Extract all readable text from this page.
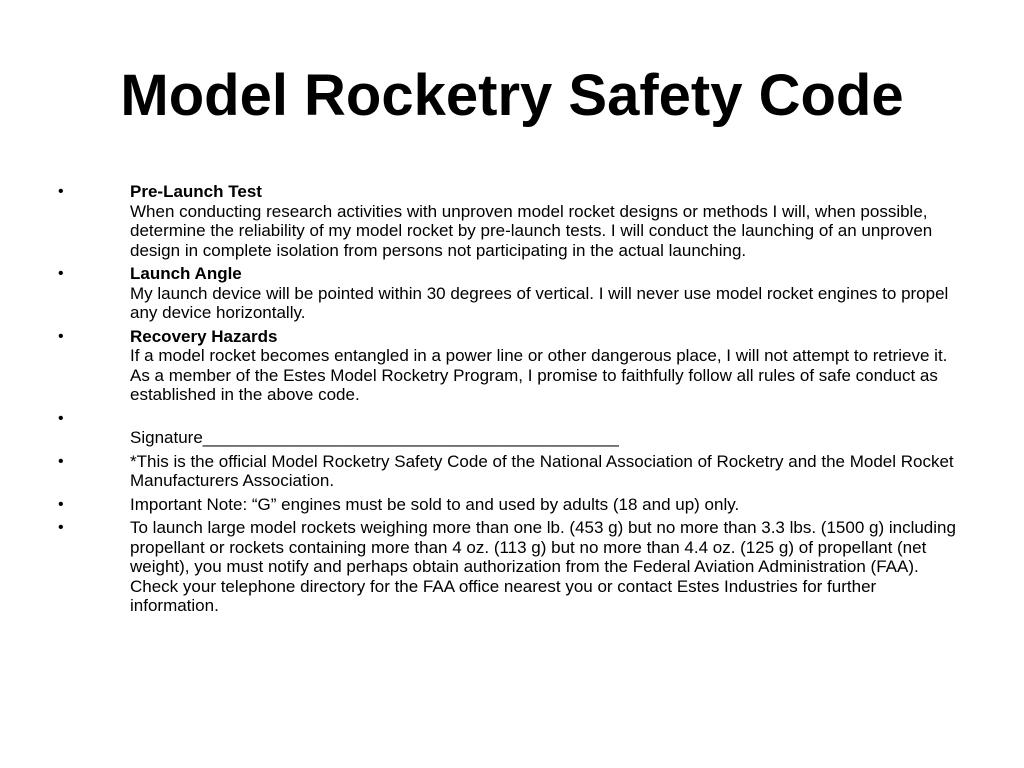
Model Rocketry Safety Code
•	Pre-Launch Test
When conducting research activities with unproven model rocket designs or methods I will, when possible, determine the reliability of my model rocket by pre-launch tests. I will conduct the launching of an unproven design in complete isolation from persons not participating in the actual launching.
•	Launch Angle
My launch device will be pointed within 30 degrees of vertical. I will never use model rocket engines to propel any device horizontally.
•	Recovery Hazards
If a model rocket becomes entangled in a power line or other dangerous place, I will not attempt to retrieve it. As a member of the Estes Model Rocketry Program, I promise to faithfully follow all rules of safe conduct as established in the above code.
•
Signature____________________________________________
•	*This is the official Model Rocketry Safety Code of the National Association of Rocketry and the Model Rocket Manufacturers Association.
•	Important Note: “G” engines must be sold to and used by adults (18 and up) only.
•	To launch large model rockets weighing more than one lb. (453 g) but no more than 3.3 lbs. (1500 g) including propellant or rockets containing more than 4 oz. (113 g) but no more than 4.4 oz. (125 g) of propellant (net weight), you must notify and perhaps obtain authorization from the Federal Aviation Administration (FAA). Check your telephone directory for the FAA office nearest you or contact Estes Industries for further information.
